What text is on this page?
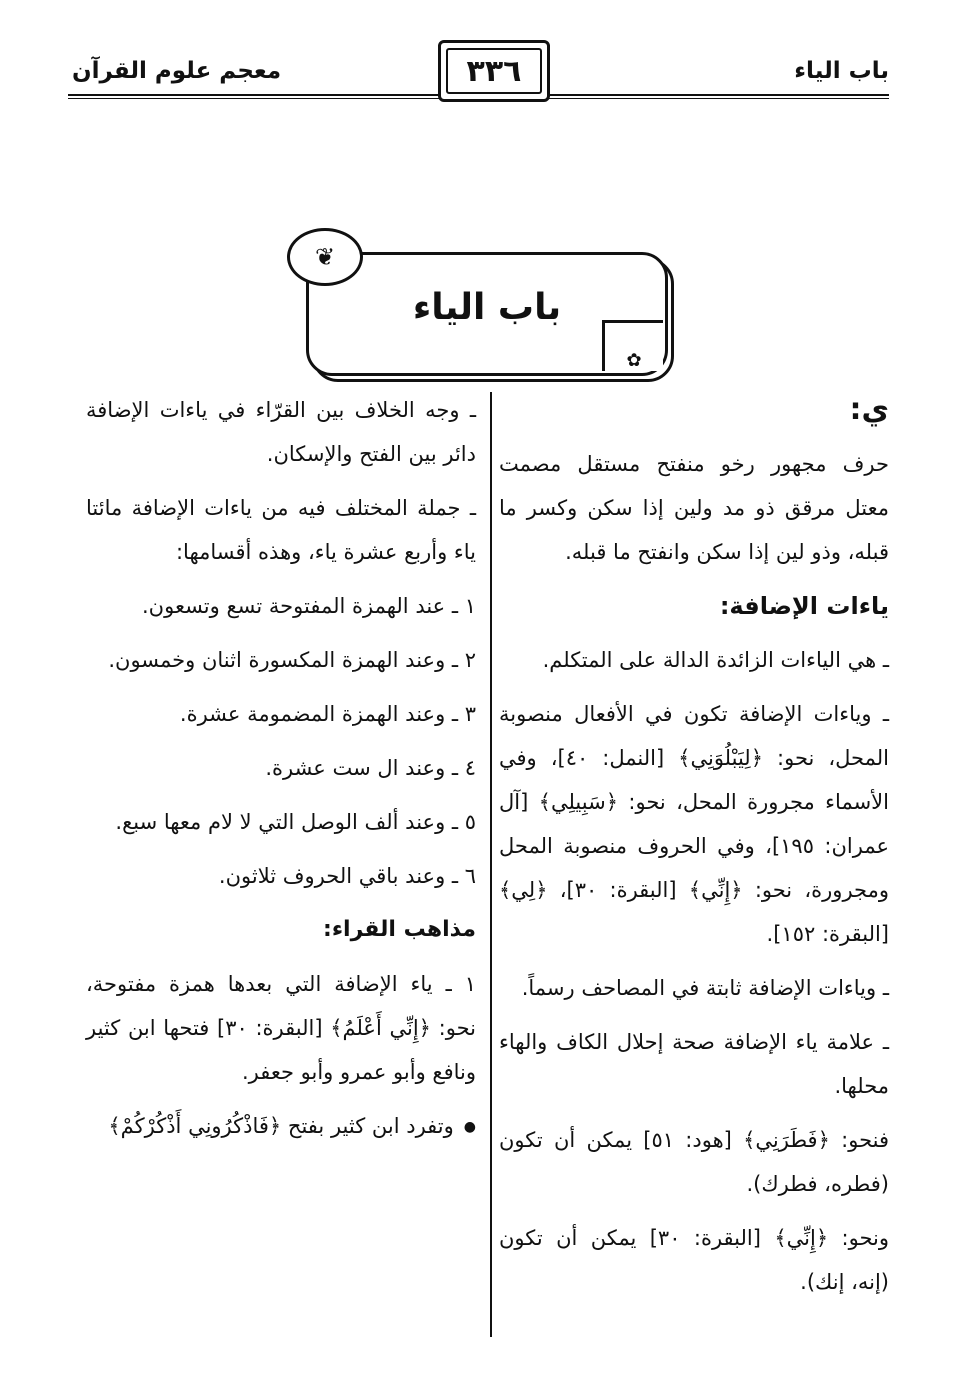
باب الياء
معجم علوم القرآن	٣٣٦
باب الياء
❦
✿

ي:

حرف مجهور رخو منفتح مستقل مصمت معتل مرقق ذو مد ولين إذا سكن وكسر ما قبله، وذو لين إذا سكن وانفتح ما قبله.

ياءات الإضافة:

ـ هي الياءات الزائدة الدالة على المتكلم.

ـ وياءات الإضافة تكون في الأفعال منصوبة المحل، نحو: ﴿لِيَبْلُوَنِي﴾ [النمل: ٤٠]، وفي الأسماء مجرورة المحل، نحو: ﴿سَبِيلِي﴾ [آل عمران: ١٩٥]، وفي الحروف منصوبة المحل ومجرورة، نحو: ﴿إِنِّي﴾ [البقرة: ٣٠]، ﴿لِي﴾ [البقرة: ١٥٢].

ـ وياءات الإضافة ثابتة في المصاحف رسماً.

ـ علامة ياء الإضافة صحة إحلال الكاف والهاء محلها.

فنحو: ﴿فَطَرَنِي﴾ [هود: ٥١] يمكن أن تكون (فطره، فطرك).

ونحو: ﴿إِنِّي﴾ [البقرة: ٣٠] يمكن أن تكون (إنه، إنك).

ـ وجه الخلاف بين القرّاء في ياءات الإضافة دائر بين الفتح والإسكان.

ـ جملة المختلف فيه من ياءات الإضافة مائتا ياء وأربع عشرة ياء، وهذه أقسامها:

١ ـ عند الهمزة المفتوحة تسع وتسعون.

٢ ـ وعند الهمزة المكسورة اثنان وخمسون.

٣ ـ وعند الهمزة المضمومة عشرة.

٤ ـ وعند ال ست عشرة.

٥ ـ وعند ألف الوصل التي لا لام معها سبع.

٦ ـ وعند باقي الحروف ثلاثون.

مذاهب القراء:

١ ـ ياء الإضافة التي بعدها همزة مفتوحة، نحو: ﴿إِنِّي أَعْلَمُ﴾ [البقرة: ٣٠] فتحها ابن كثير ونافع وأبو عمرو وأبو جعفر.

● وتفرد ابن كثير بفتح ﴿فَاذْكُرُونِي أَذْكُرْكُمْ﴾
